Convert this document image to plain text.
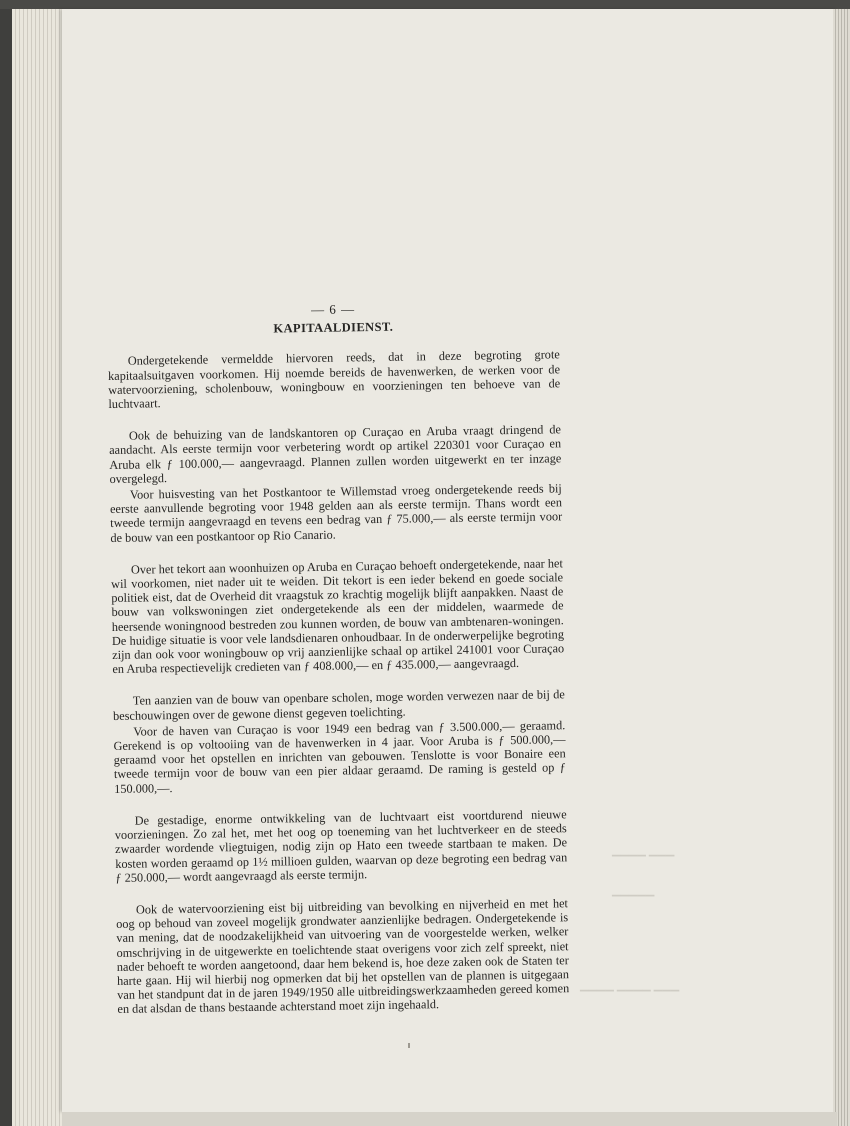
▔▔▔▔ ▔▔▔
▔▔▔▔▔
▔▔▔▔ ▔▔▔▔ ▔▔▔
— 6 —
KAPITAALDIENST.

Ondergetekende vermeldde hiervoren reeds, dat in deze begroting grote kapitaalsuitgaven voorkomen. Hij noemde bereids de havenwerken, de werken voor de watervoorziening, scholenbouw, woningbouw en voorzieningen ten behoeve van de luchtvaart.

Ook de behuizing van de landskantoren op Curaçao en Aruba vraagt dringend de aandacht. Als eerste termijn voor verbetering wordt op artikel 220301 voor Curaçao en Aruba elk ƒ 100.000,— aangevraagd. Plannen zullen worden uitgewerkt en ter inzage overgelegd.

Voor huisvesting van het Postkantoor te Willemstad vroeg ondergetekende reeds bij eerste aanvullende begroting voor 1948 gelden aan als eerste termijn. Thans wordt een tweede termijn aangevraagd en tevens een bedrag van ƒ 75.000,— als eerste termijn voor de bouw van een postkantoor op Rio Canario.

Over het tekort aan woonhuizen op Aruba en Curaçao behoeft ondergetekende, naar het wil voorkomen, niet nader uit te weiden. Dit tekort is een ieder bekend en goede sociale politiek eist, dat de Overheid dit vraagstuk zo krachtig mogelijk blijft aanpakken. Naast de bouw van volkswoningen ziet ondergetekende als een der middelen, waarmede de heersende woningnood bestreden zou kunnen worden, de bouw van ambtenaren-woningen. De huidige situatie is voor vele landsdienaren onhoudbaar. In de onderwerpelijke begroting zijn dan ook voor woningbouw op vrij aanzienlijke schaal op artikel 241001 voor Curaçao en Aruba respectievelijk credieten van ƒ 408.000,— en ƒ 435.000,— aangevraagd.

Ten aanzien van de bouw van openbare scholen, moge worden verwezen naar de bij de beschouwingen over de gewone dienst gegeven toelichting.

Voor de haven van Curaçao is voor 1949 een bedrag van ƒ 3.500.000,— geraamd. Gerekend is op voltooiing van de havenwerken in 4 jaar. Voor Aruba is ƒ 500.000,— geraamd voor het opstellen en inrichten van gebouwen. Tenslotte is voor Bonaire een tweede termijn voor de bouw van een pier aldaar geraamd. De raming is gesteld op ƒ 150.000,—.

De gestadige, enorme ontwikkeling van de luchtvaart eist voortdurend nieuwe voorzieningen. Zo zal het, met het oog op toeneming van het luchtverkeer en de steeds zwaarder wordende vliegtuigen, nodig zijn op Hato een tweede startbaan te maken. De kosten worden geraamd op 1½ millioen gulden, waarvan op deze begroting een bedrag van ƒ 250.000,— wordt aangevraagd als eerste termijn.

Ook de watervoorziening eist bij uitbreiding van bevolking en nijverheid en met het oog op behoud van zoveel mogelijk grondwater aanzienlijke bedragen. Ondergetekende is van mening, dat de noodzakelijkheid van uitvoering van de voorgestelde werken, welker omschrijving in de uitgewerkte en toelichtende staat overigens voor zich zelf spreekt, niet nader behoeft te worden aangetoond, daar hem bekend is, hoe deze zaken ook de Staten ter harte gaan. Hij wil hierbij nog opmerken dat bij het opstellen van de plannen is uitgegaan van het standpunt dat in de jaren 1949/1950 alle uitbreidingswerkzaamheden gereed komen en dat alsdan de thans bestaande achterstand moet zijn ingehaald.
